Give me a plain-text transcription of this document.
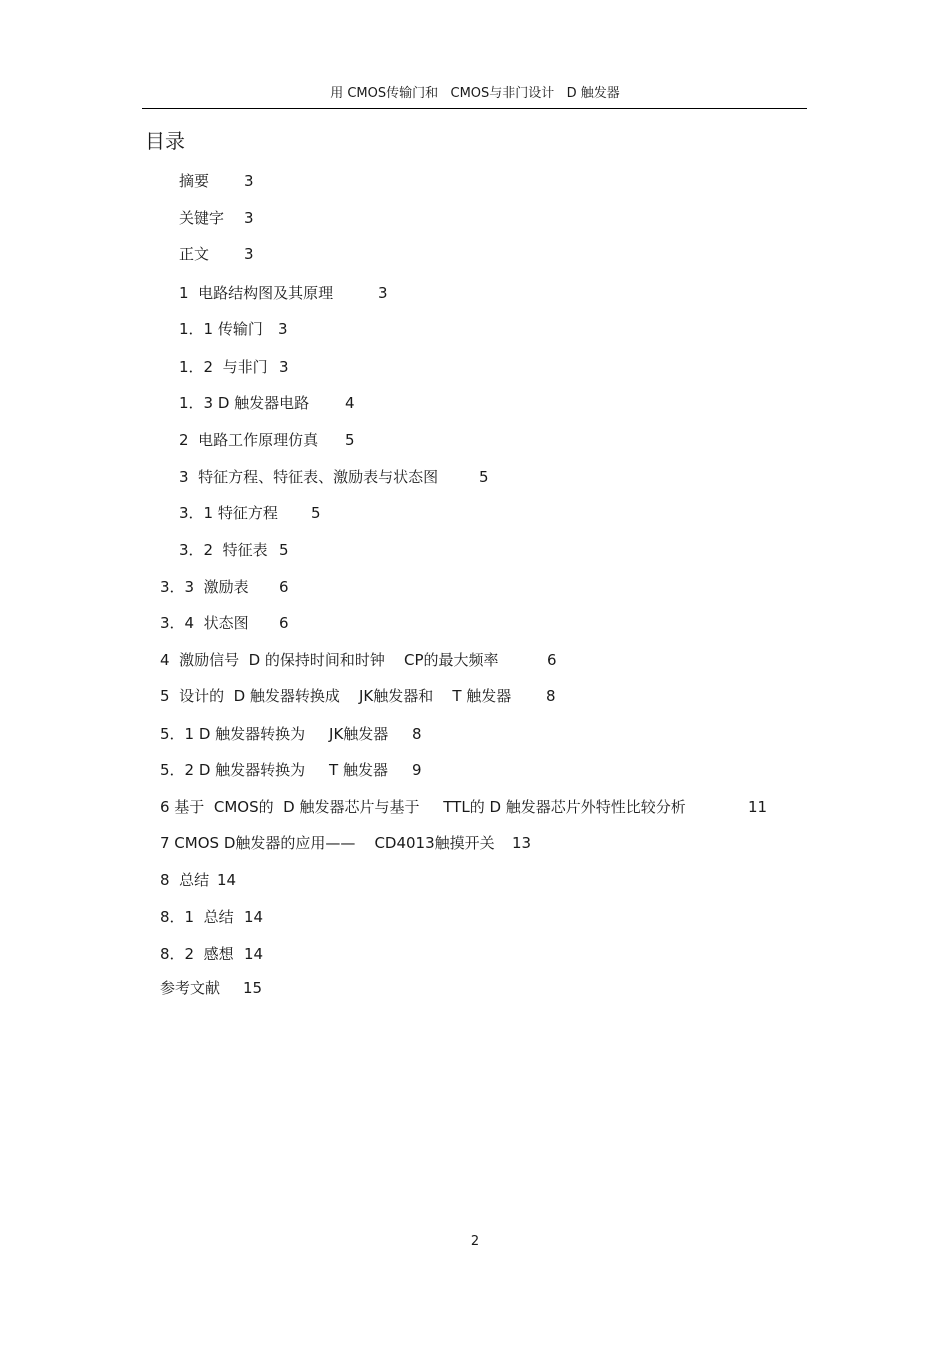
用 CMOS传输门和   CMOS与非门设计   D 触发器
目录
摘要 3
关键字 3
正文 3
1  电路结构图及其原理	3
1．1 传输门 3
1．2  与非门 3
1．3 D 触发器电路 4
2  电路工作原理仿真 5
3  特征方程、特征表、激励表与状态图	5
3．1 特征方程 5
3．2  特征表 5
3．3  激励表 6
3．4  状态图 6
4  激励信号  D 的保持时间和时钟    CP的最大频率	6
5  设计的  D 触发器转换成    JK触发器和    T 触发器 8
5．1 D 触发器转换为     JK触发器 8
5．2 D 触发器转换为     T 触发器 9
6 基于  CMOS的  D 触发器芯片与基于     TTL的 D 触发器芯片外特性比较分析	11
7 CMOS D触发器的应用——    CD4013触摸开关 13
8  总结 14
8．1  总结 14
8．2  感想 14
参考文献 15
2
